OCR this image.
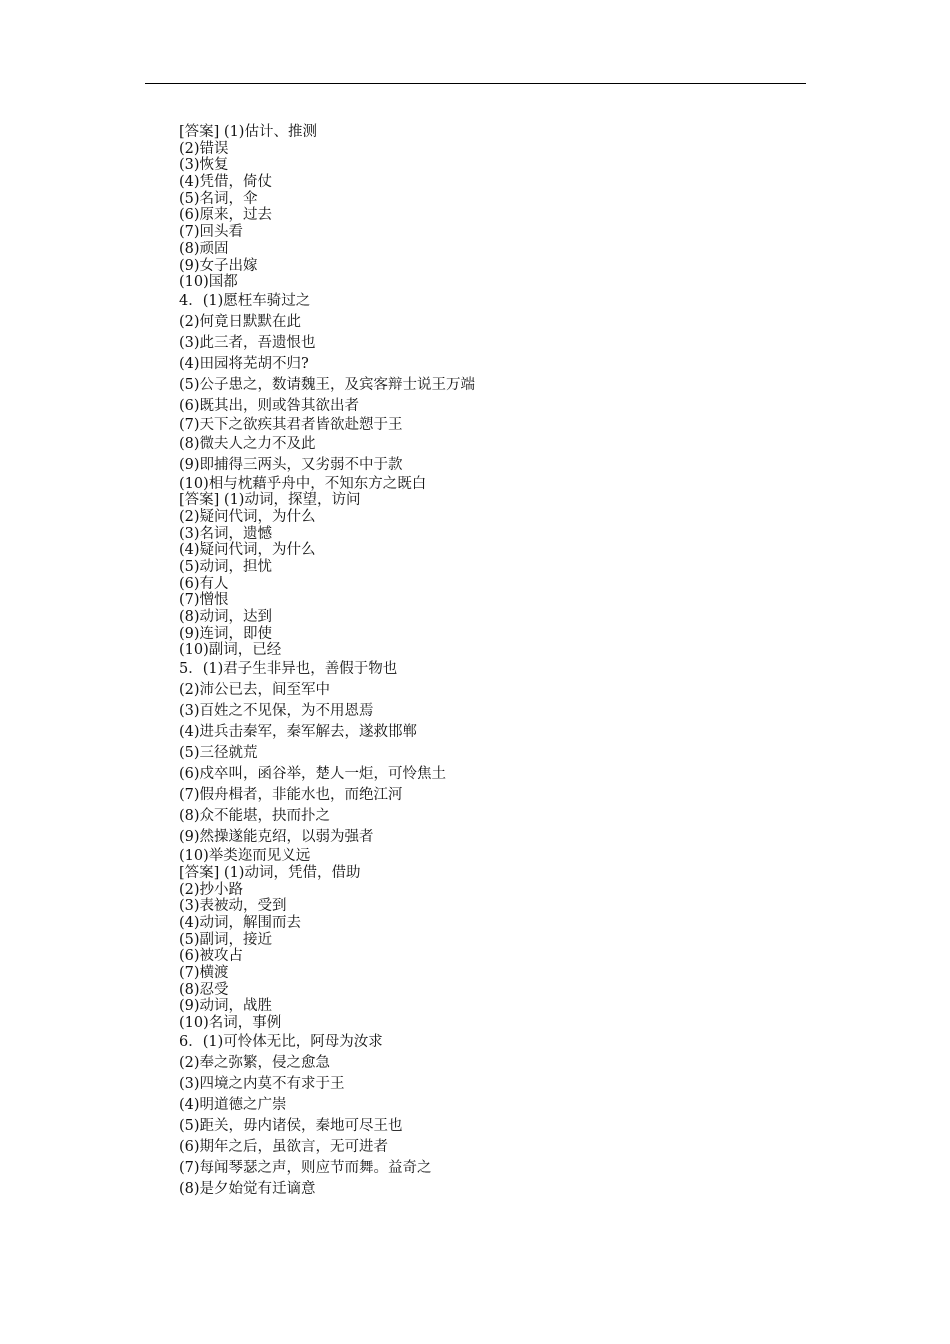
[答案] (1)估计、推测
(2)错误
(3)恢复
(4)凭借，倚仗
(5)名词，伞
(6)原来，过去
(7)回头看
(8)顽固
(9)女子出嫁
(10)国都
4．(1)愿枉车骑过之
(2)何竟日默默在此
(3)此三者，吾遗恨也
(4)田园将芜胡不归?
(5)公子患之，数请魏王，及宾客辩士说王万端
(6)既其出，则或咎其欲出者
(7)天下之欲疾其君者皆欲赴愬于王
(8)微夫人之力不及此
(9)即捕得三两头，又劣弱不中于款
(10)相与枕藉乎舟中，不知东方之既白
[答案] (1)动词，探望，访问
(2)疑问代词，为什么
(3)名词，遗憾
(4)疑问代词，为什么
(5)动词，担忧
(6)有人
(7)憎恨
(8)动词，达到
(9)连词，即使
(10)副词，已经
5．(1)君子生非异也，善假于物也
(2)沛公已去，间至军中
(3)百姓之不见保，为不用恩焉
(4)进兵击秦军，秦军解去，遂救邯郸
(5)三径就荒
(6)戍卒叫，函谷举，楚人一炬，可怜焦土
(7)假舟楫者，非能水也，而绝江河
(8)众不能堪，抉而扑之
(9)然操遂能克绍，以弱为强者
(10)举类迩而见义远
[答案] (1)动词，凭借，借助
(2)抄小路
(3)表被动，受到
(4)动词，解围而去
(5)副词，接近
(6)被攻占
(7)横渡
(8)忍受
(9)动词，战胜
(10)名词，事例
6．(1)可怜体无比，阿母为汝求
(2)奉之弥繁，侵之愈急
(3)四境之内莫不有求于王
(4)明道德之广崇
(5)距关，毋内诸侯，秦地可尽王也
(6)期年之后，虽欲言，无可进者
(7)每闻琴瑟之声，则应节而舞。益奇之
(8)是夕始觉有迁谪意
